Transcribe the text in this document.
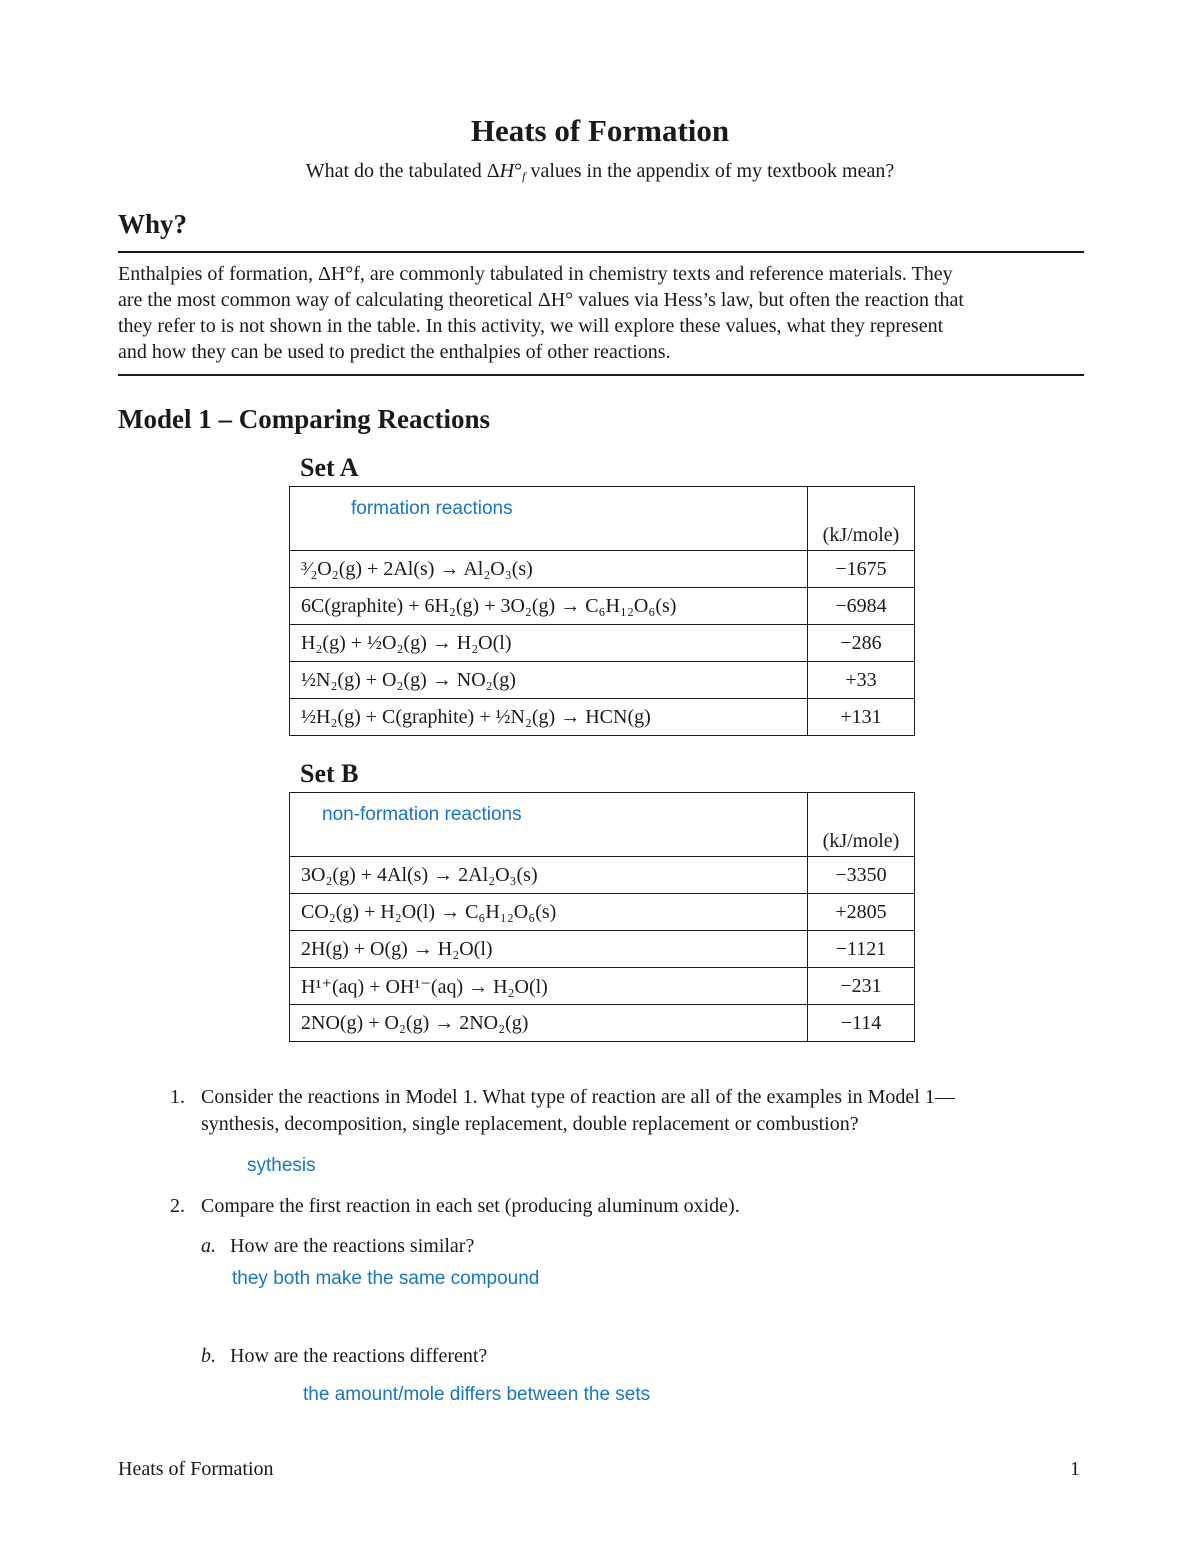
Heats of Formation
What do the tabulated $\Delta H^\circ_f$ values in the appendix of my textbook mean?
Why?
Enthalpies of formation, ΔH°f, are commonly tabulated in chemistry texts and reference materials. They
are the most common way of calculating theoretical ΔH° values via Hess’s law, but often the reaction that
they refer to is not shown in the table. In this activity, we will explore these values, what they represent
and how they can be used to predict the enthalpies of other reactions.
Model 1 – Comparing Reactions
Set A
formation reactions	(kJ/mole)
³⁄₂O₂(g) + 2Al(s) → Al₂O₃(s)	−1675
6C(graphite) + 6H₂(g) + 3O₂(g) → C₆H₁₂O₆(s)	−6984
H₂(g) + ½O₂(g) → H₂O(l)	−286
½N₂(g) + O₂(g) → NO₂(g)	+33
½H₂(g) + C(graphite) + ½N₂(g) → HCN(g)	+131
Set B
non-formation reactions	(kJ/mole)
3O₂(g) + 4Al(s) → 2Al₂O₃(s)	−3350
CO₂(g) + H₂O(l) → C₆H₁₂O₆(s)	+2805
2H(g) + O(g) → H₂O(l)	−1121
H¹⁺(aq) + OH¹⁻(aq) → H₂O(l)	−231
2NO(g) + O₂(g) → 2NO₂(g)	−114
1. Consider the reactions in Model 1. What type of reaction are all of the examples in Model 1—
synthesis, decomposition, single replacement, double replacement or combustion?
sythesis
2. Compare the first reaction in each set (producing aluminum oxide).
a. How are the reactions similar?
they both make the same compound
b. How are the reactions different?
the amount/mole differs between the sets
Heats of Formation	1
